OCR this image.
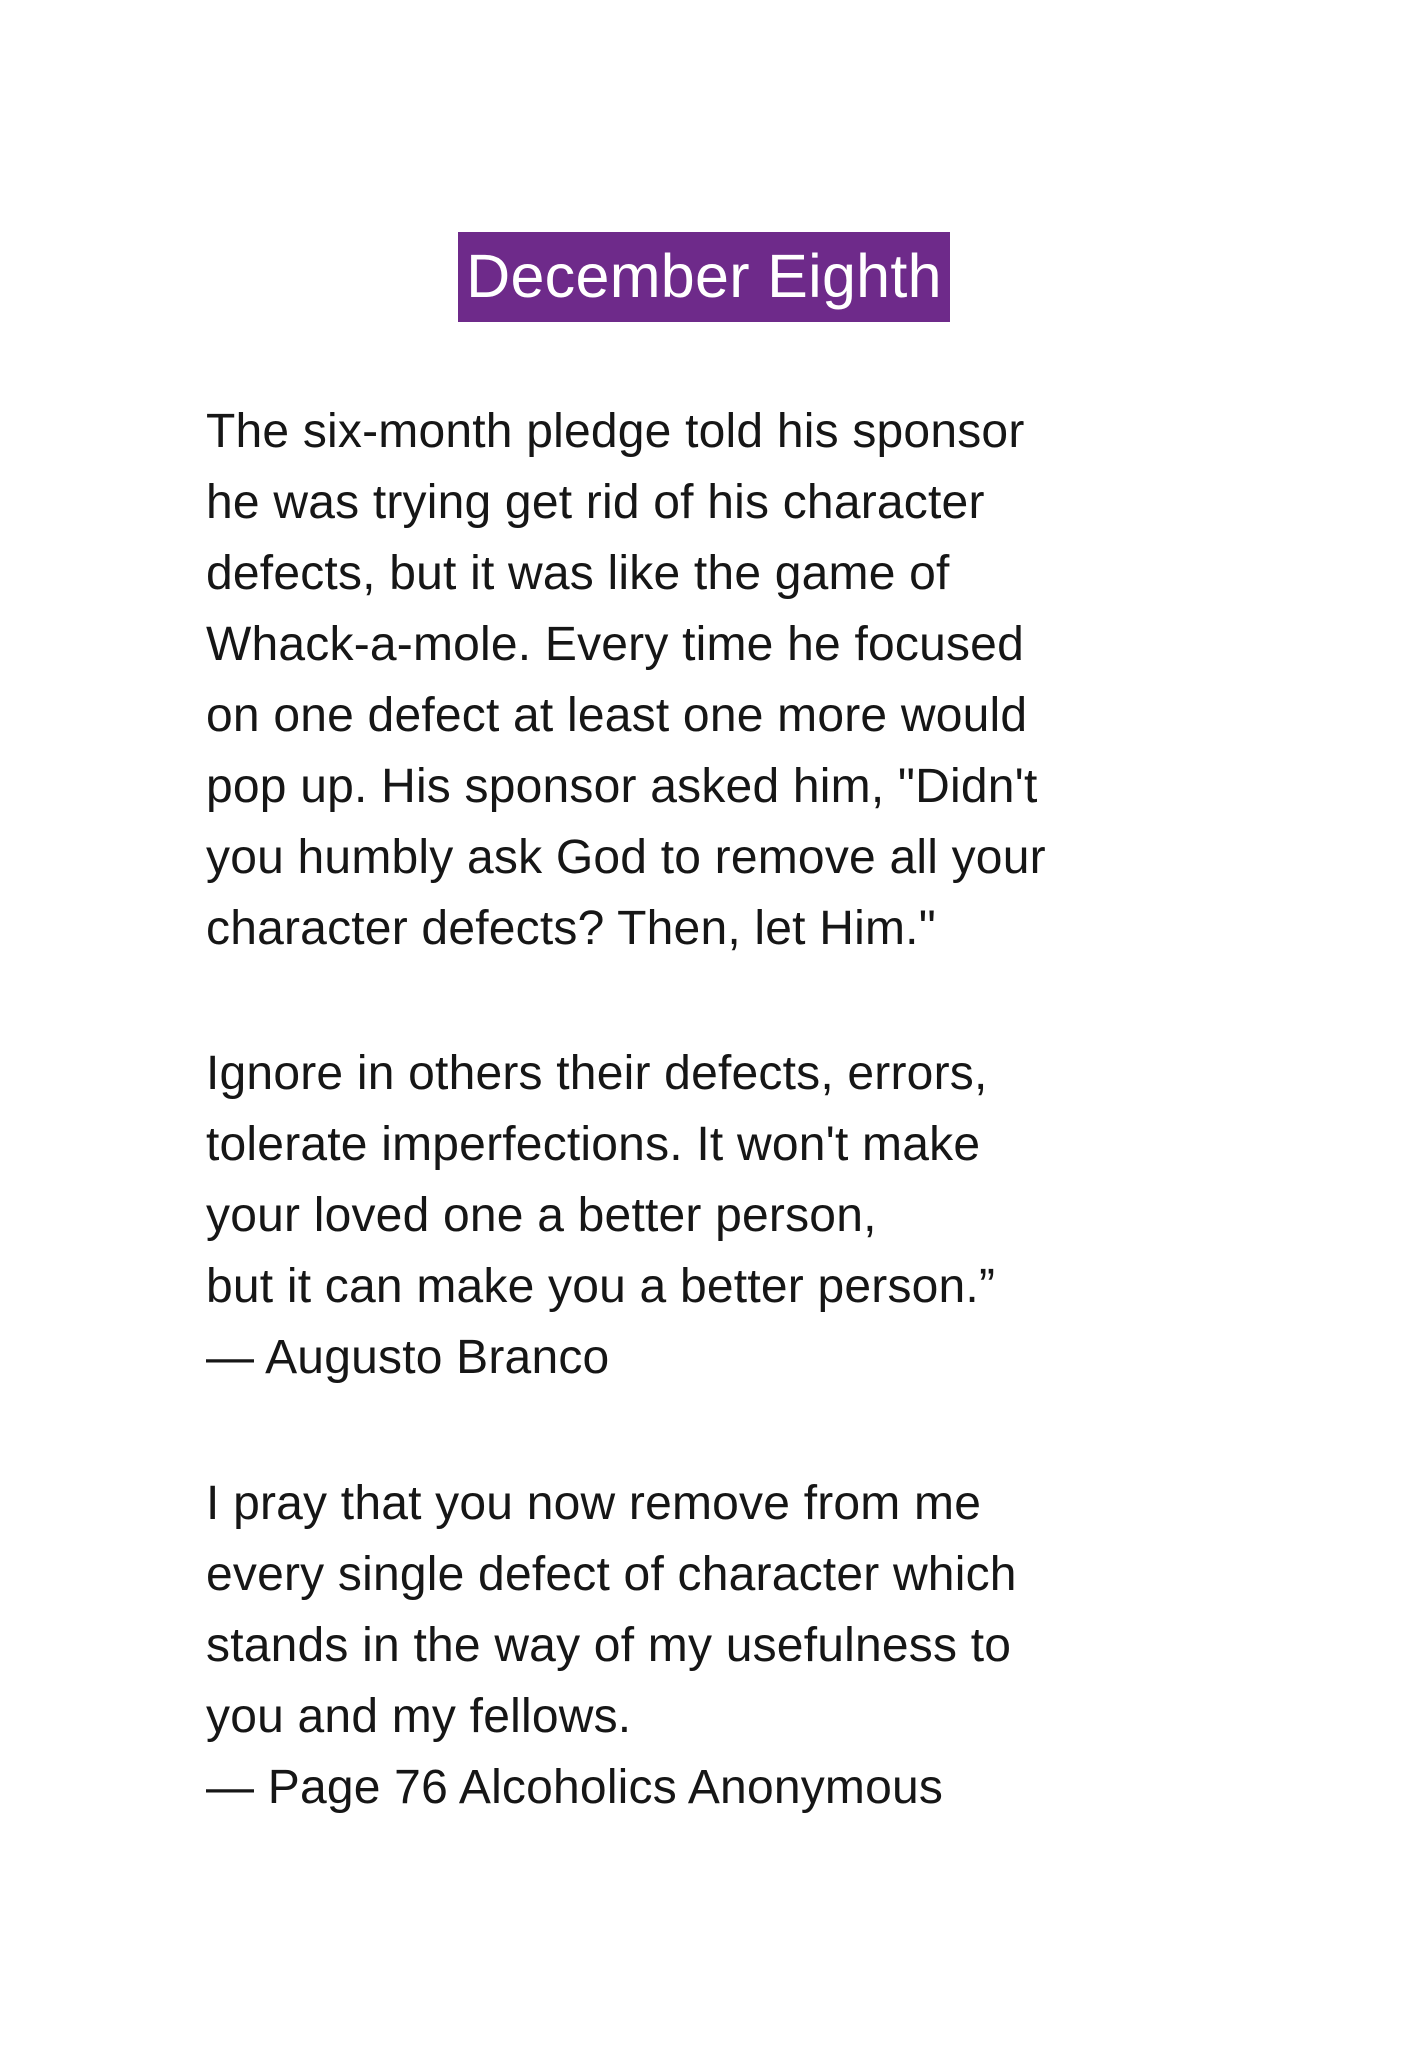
December Eighth

The six-month pledge told his sponsor

he was trying get rid of his character

defects, but it was like the game of

Whack-a-mole. Every time he focused

on one defect at least one more would

pop up. His sponsor asked him, "Didn't

you humbly ask God to remove all your

character defects? Then, let Him."

Ignore in others their defects, errors,

tolerate imperfections. It won't make

your loved one a better person,

but it can make you a better person.”

— Augusto Branco

I pray that you now remove from me

every single defect of character which

stands in the way of my usefulness to

you and my fellows.

— Page 76 Alcoholics Anonymous
